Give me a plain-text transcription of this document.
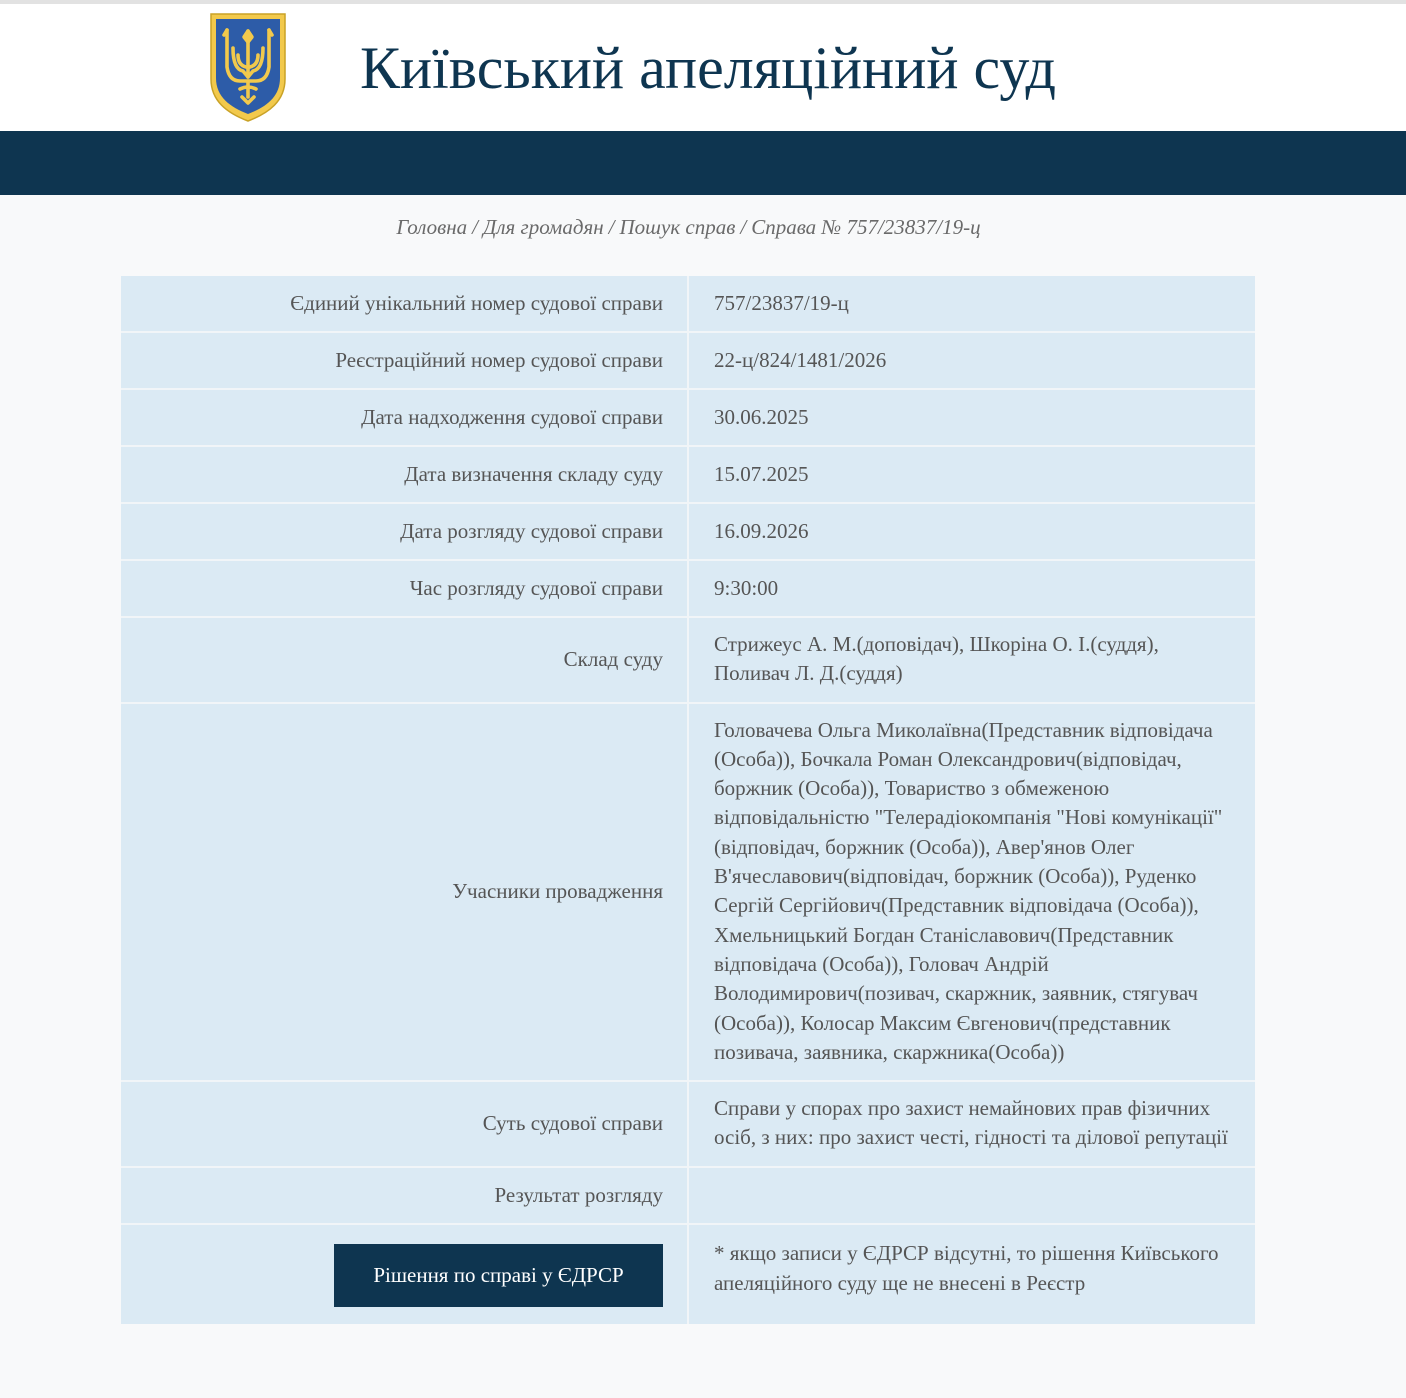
Київський апеляційний суд
Головна / Для громадян / Пошук справ / Справа № 757/23837/19-ц
Єдиний унікальний номер судової справи	757/23837/19-ц
Реєстраційний номер судової справи	22-ц/824/1481/2026
Дата надходження судової справи	30.06.2025
Дата визначення складу суду	15.07.2025
Дата розгляду судової справи	16.09.2026
Час розгляду судової справи	9:30:00
Склад суду	Стрижеус А. М.(доповідач), Шкоріна О. І.(суддя), Поливач Л. Д.(суддя)
Учасники провадження	Головачева Ольга Миколаївна(Представник відповідача (Особа)), Бочкала Роман Олександрович(відповідач, боржник (Особа)), Товариство з обмеженою відповідальністю "Телерадіокомпанія "Нові комунікації"(відповідач, боржник (Особа)), Авер'янов Олег В'ячеславович(відповідач, боржник (Особа)), Руденко Сергій Сергійович(Представник відповідача (Особа)), Хмельницький Богдан Станіславович(Представник відповідача (Особа)), Головач Андрій Володимирович(позивач, скаржник, заявник, стягувач (Особа)), Колосар Максим Євгенович(представник позивача, заявника, скаржника(Особа))
Суть судової справи	Справи у спорах про захист немайнових прав фізичних осіб, з них: про захист честі, гідності та ділової репутації
Результат розгляду	
Рішення по справі у ЄДРСР	* якщо записи у ЄДРСР відсутні, то рішення Київського апеляційного суду ще не внесені в Реєстр
